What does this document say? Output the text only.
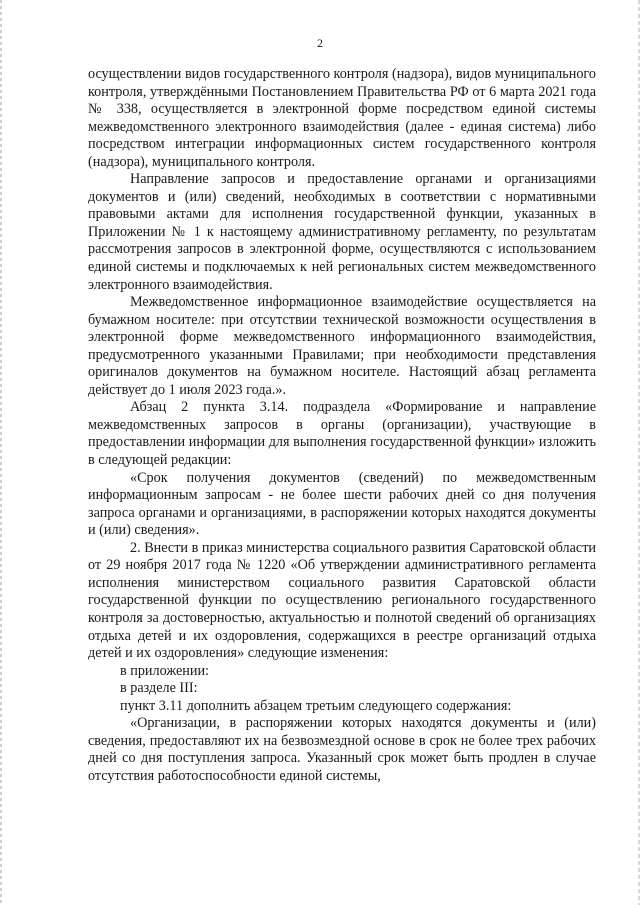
2

осуществлении видов государственного контроля (надзора), видов муниципального контроля, утверждёнными Постановлением Правительства РФ от 6 марта 2021 года № 338, осуществляется в электронной форме посредством единой системы межведомственного электронного взаимодействия (далее - единая система) либо посредством интеграции информационных систем государственного контроля (надзора), муниципального контроля.

Направление запросов и предоставление органами и организациями документов и (или) сведений, необходимых в соответствии с нормативными правовыми актами для исполнения государственной функции, указанных в Приложении № 1 к настоящему административному регламенту, по результатам рассмотрения запросов в электронной форме, осуществляются с использованием единой системы и подключаемых к ней региональных систем межведомственного электронного взаимодействия.

Межведомственное информационное взаимодействие осуществляется на бумажном носителе: при отсутствии технической возможности осуществления в электронной форме межведомственного информационного взаимодействия, предусмотренного указанными Правилами; при необходимости представления оригиналов документов на бумажном носителе. Настоящий абзац регламента действует до 1 июля 2023 года.».

Абзац 2 пункта 3.14. подраздела «Формирование и направление межведомственных запросов в органы (организации), участвующие в предоставлении информации для выполнения государственной функции» изложить в следующей редакции:

«Срок получения документов (сведений) по межведомственным информационным запросам - не более шести рабочих дней со дня получения запроса органами и организациями, в распоряжении которых находятся документы и (или) сведения».

2. Внести в приказ министерства социального развития Саратовской области от 29 ноября 2017 года № 1220 «Об утверждении административного регламента исполнения министерством социального развития Саратовской области государственной функции по осуществлению регионального государственного контроля за достоверностью, актуальностью и полнотой сведений об организациях отдыха детей и их оздоровления, содержащихся в реестре организаций отдыха детей и их оздоровления» следующие изменения:

в приложении:

в разделе III:

пункт 3.11 дополнить абзацем третьим следующего содержания:

«Организации, в распоряжении которых находятся документы и (или) сведения, предоставляют их на безвозмездной основе в срок не более трех рабочих дней со дня поступления запроса. Указанный срок может быть продлен в случае отсутствия работоспособности единой системы,
